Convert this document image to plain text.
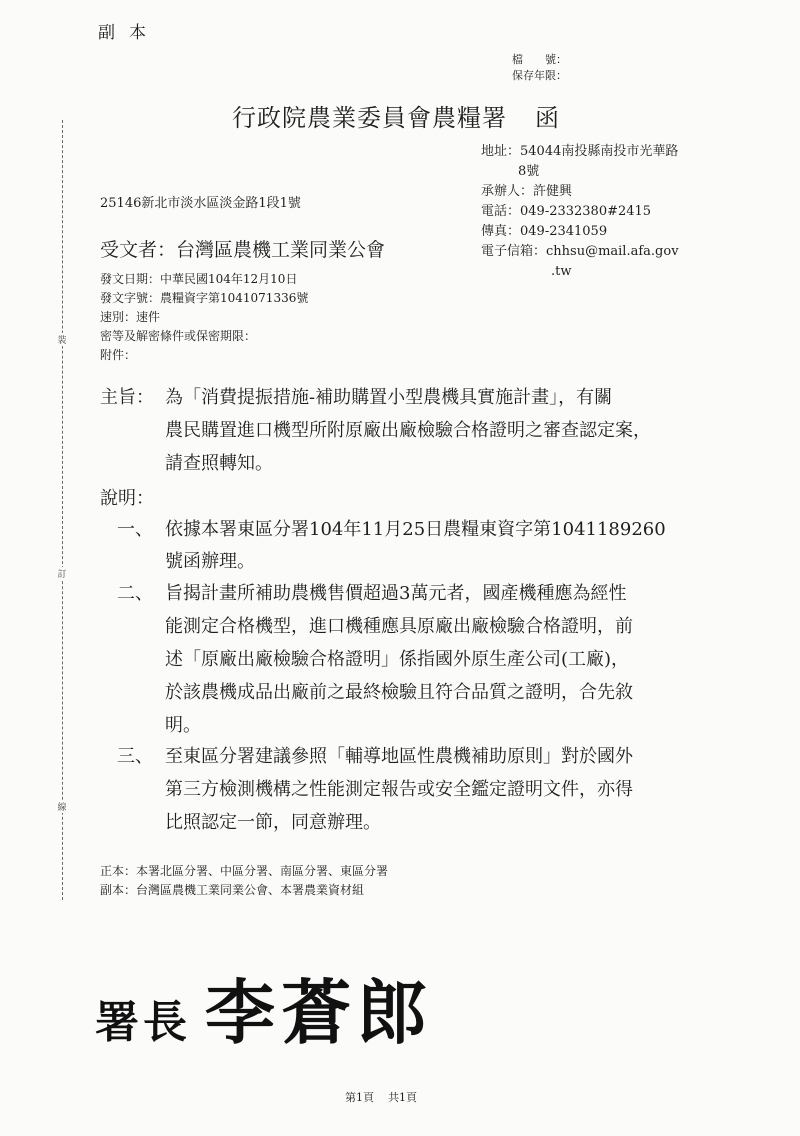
裝
訂
線
副本
檔　　號：
保存年限：
行政院農業委員會農糧署 函
地址：54044南投縣南投市光華路
8號
承辦人：許健興
電話：049-2332380#2415
傳真：049-2341059
電子信箱：chhsu@mail.afa.gov
.tw
25146新北市淡水區淡金路1段1號
受文者：台灣區農機工業同業公會
發文日期：中華民國104年12月10日
發文字號：農糧資字第1041071336號
速別：速件
密等及解密條件或保密期限：
附件：
主旨： 為「消費提振措施-補助購置小型農機具實施計畫」，有關
農民購置進口機型所附原廠出廠檢驗合格證明之審查認定案，
請查照轉知。
說明：
一、 依據本署東區分署104年11月25日農糧東資字第1041189260
號函辦理。
二、 旨揭計畫所補助農機售價超過3萬元者，國產機種應為經性
能測定合格機型，進口機種應具原廠出廠檢驗合格證明，前
述「原廠出廠檢驗合格證明」係指國外原生產公司(工廠)，
於該農機成品出廠前之最終檢驗且符合品質之證明，合先敘
明。
三、 至東區分署建議參照「輔導地區性農機補助原則」對於國外
第三方檢測機構之性能測定報告或安全鑑定證明文件，亦得
比照認定一節，同意辦理。
正本：本署北區分署、中區分署、南區分署、東區分署
副本：台灣區農機工業同業公會、本署農業資材組
署長 李蒼郎
第1頁 共1頁
